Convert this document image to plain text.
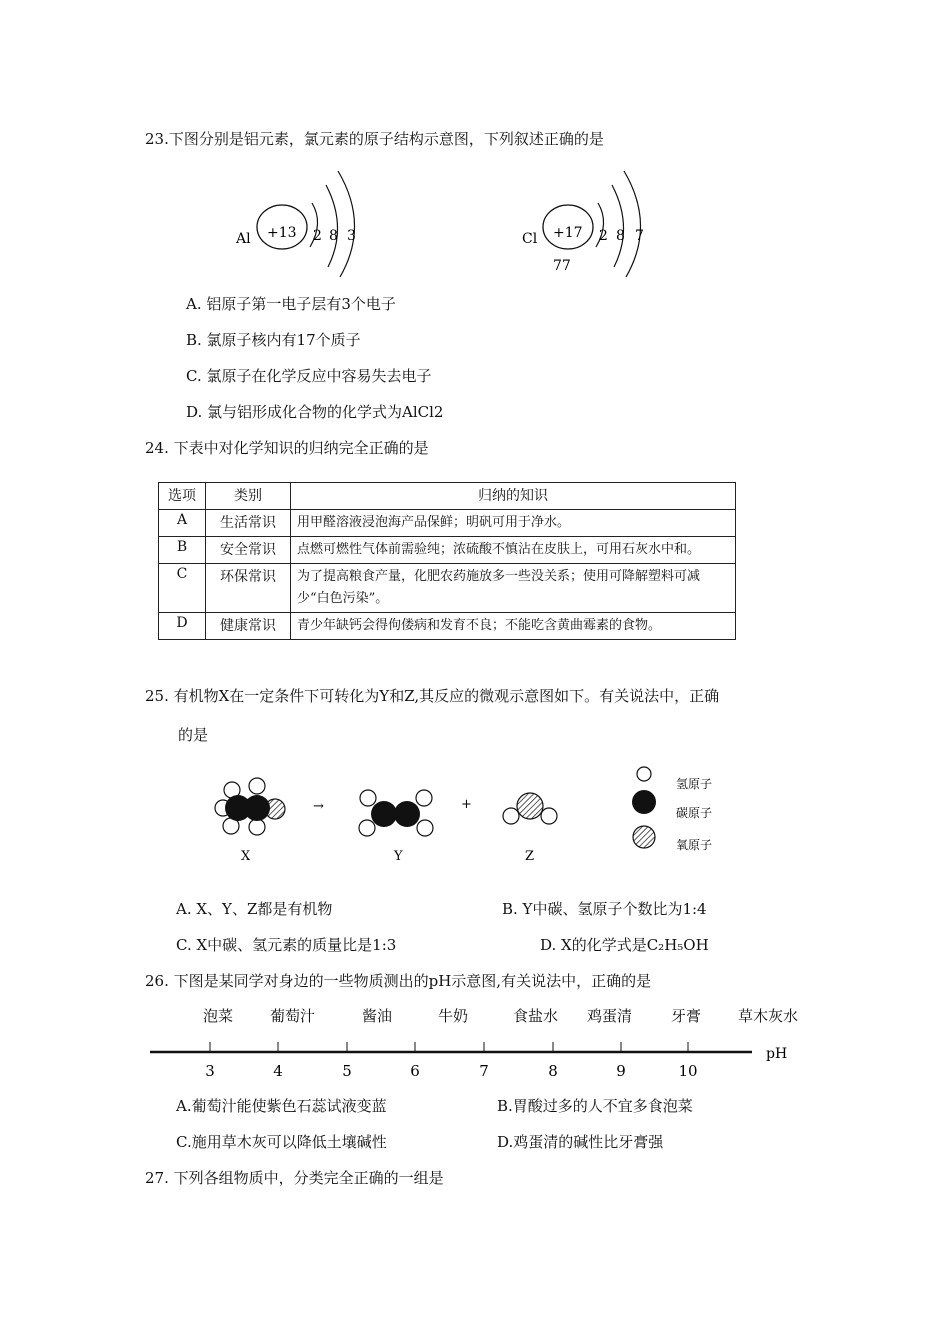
23.下图分别是铝元素，氯元素的原子结构示意图，下列叙述正确的是
Al +13 2 8 3	Cl +17 2 8 7
77
A. 铝原子第一电子层有3个电子
B. 氯原子核内有17个质子
C. 氯原子在化学反应中容易失去电子
D. 氯与铝形成化合物的化学式为AlCl2
24. 下表中对化学知识的归纳完全正确的是
选项	类别	归纳的知识
A	生活常识	用甲醛溶液浸泡海产品保鲜；明矾可用于净水。
B	安全常识	点燃可燃性气体前需验纯；浓硫酸不慎沾在皮肤上，可用石灰水中和。
C	环保常识	为了提高粮食产量，化肥农药施放多一些没关系；使用可降解塑料可减少“白色污染”。
D	健康常识	青少年缺钙会得佝偻病和发育不良；不能吃含黄曲霉素的食物。
25. 有机物X在一定条件下可转化为Y和Z,其反应的微观示意图如下。有关说法中，正确
的是
X
→
Y
+
Z
氢原子
碳原子
氧原子
A. X、Y、Z都是有机物	B. Y中碳、氢原子个数比为1:4
C. X中碳、氢元素的质量比是1:3	D. X的化学式是C₂H₅OH
26. 下图是某同学对身边的一些物质测出的pH示意图,有关说法中，正确的是
泡菜 葡萄汁	酱油	牛奶	食盐水 鸡蛋清	牙膏 草木灰水
3	4	5	6	7	8	9	10
pH
A.葡萄汁能使紫色石蕊试液变蓝	B.胃酸过多的人不宜多食泡菜
C.施用草木灰可以降低土壤碱性	D.鸡蛋清的碱性比牙膏强
27. 下列各组物质中，分类完全正确的一组是
